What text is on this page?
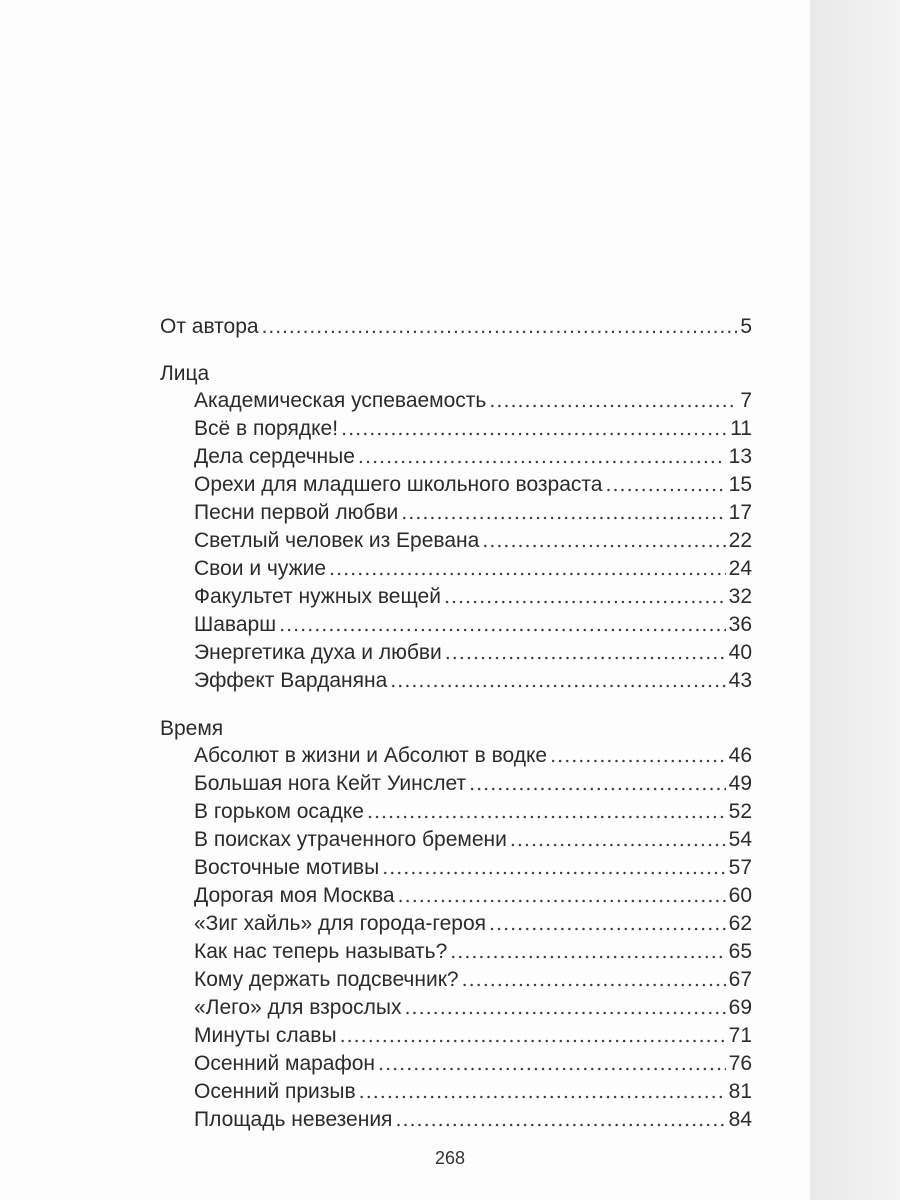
От автора .....	5
Лица
Академическая успеваемость .....	7
Всё в порядке! .....	11
Дела сердечные .....	13
Орехи для младшего школьного возраста .....	15
Песни первой любви .....	17
Светлый человек из Еревана .....	22
Свои и чужие .....	24
Факультет нужных вещей .....	32
Шаварш .....	36
Энергетика духа и любви .....	40
Эффект Варданяна .....	43
Время
Абсолют в жизни и Абсолют в водке .....	46
Большая нога Кейт Уинслет .....	49
В горьком осадке .....	52
В поисках утраченного бремени .....	54
Восточные мотивы .....	57
Дорогая моя Москва .....	60
«Зиг хайль» для города-героя .....	62
Как нас теперь называть? .....	65
Кому держать подсвечник? .....	67
«Лего» для взрослых .....	69
Минуты славы .....	71
Осенний марафон .....	76
Осенний призыв .....	81
Площадь невезения .....	84
268
